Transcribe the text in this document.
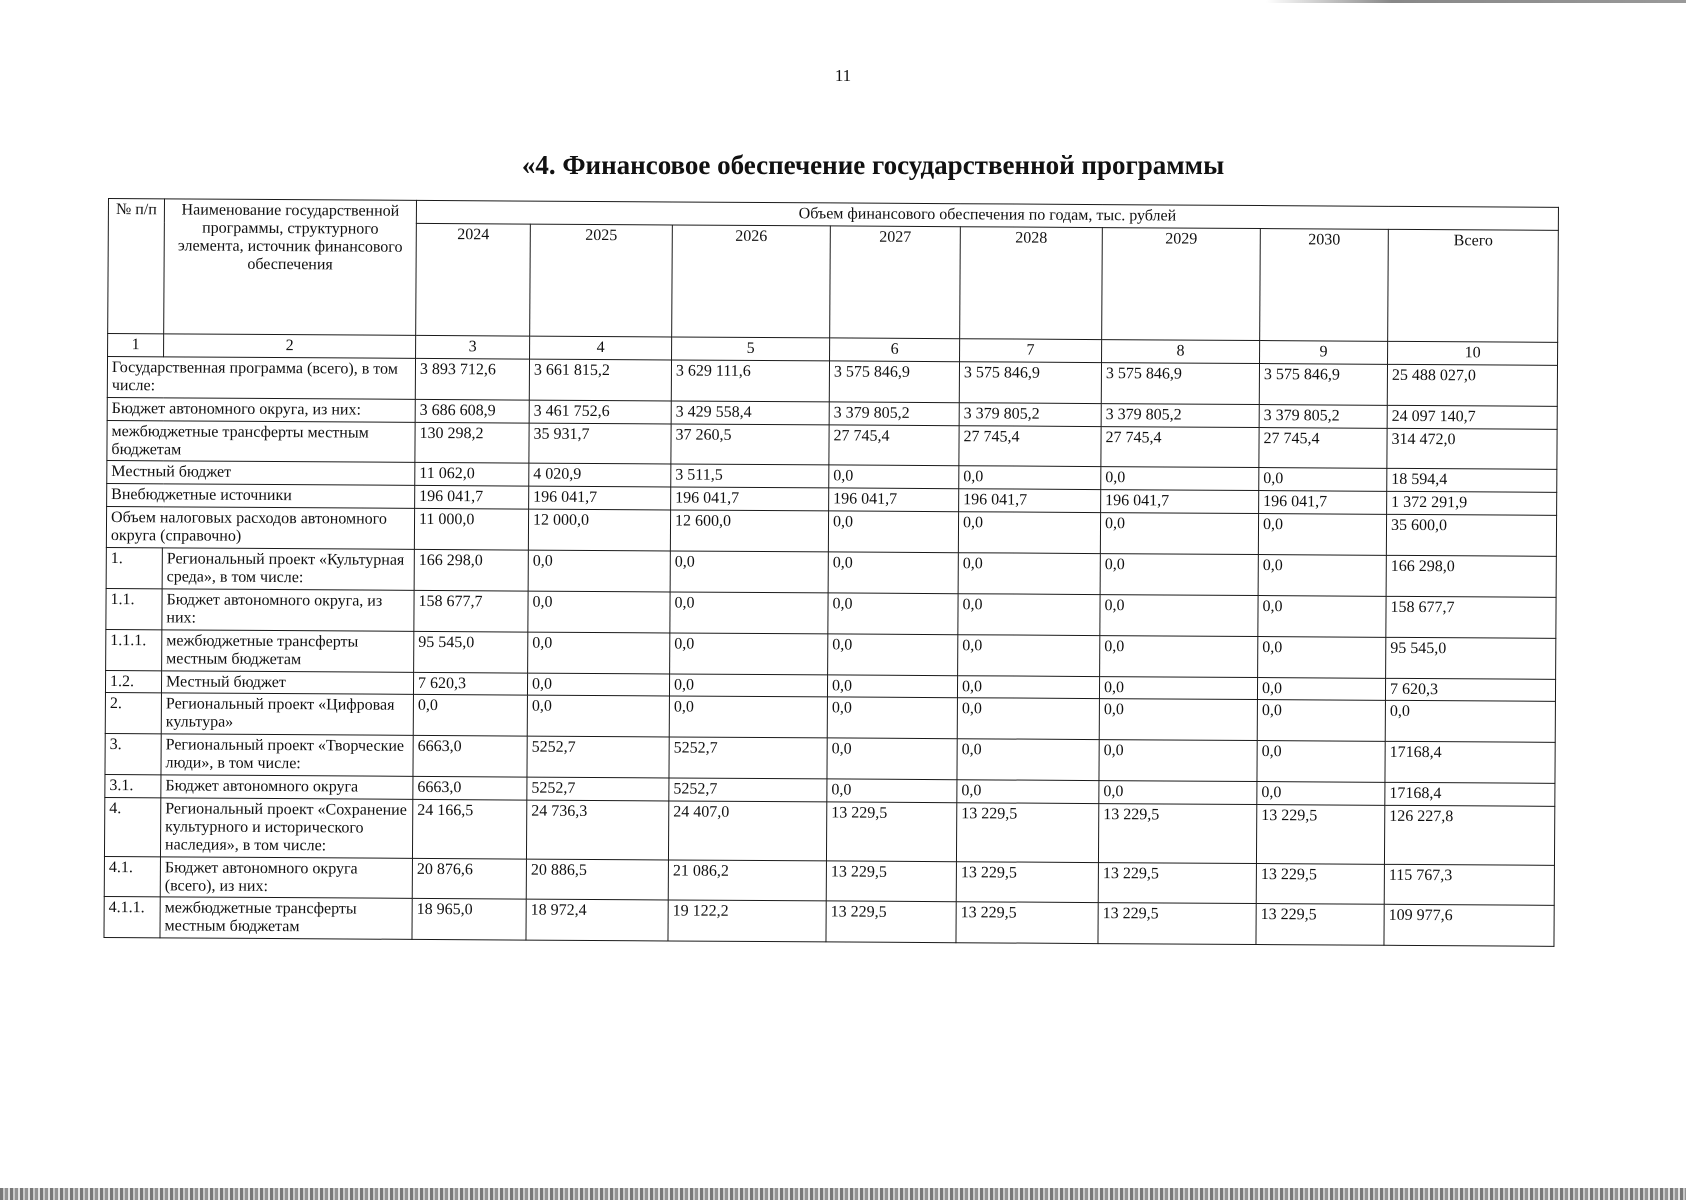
11
«4. Финансовое обеспечение государственной программы
№ п/п	Наименование государственной программы, структурного элемента, источник финансового обеспечения	Объем финансового обеспечения по годам, тыс. рублей							
		2024	2025	2026	2027	2028	2029	2030	Всего
1	2	3	4	5	6	7	8	9	10
Государственная программа (всего), в том числе:		3 893 712,6	3 661 815,2	3 629 111,6	3 575 846,9	3 575 846,9	3 575 846,9	3 575 846,9	25 488 027,0
Бюджет автономного округа, из них:		3 686 608,9	3 461 752,6	3 429 558,4	3 379 805,2	3 379 805,2	3 379 805,2	3 379 805,2	24 097 140,7
межбюджетные трансферты местным бюджетам		130 298,2	35 931,7	37 260,5	27 745,4	27 745,4	27 745,4	27 745,4	314 472,0
Местный бюджет		11 062,0	4 020,9	3 511,5	0,0	0,0	0,0	0,0	18 594,4
Внебюджетные источники		196 041,7	196 041,7	196 041,7	196 041,7	196 041,7	196 041,7	196 041,7	1 372 291,9
Объем налоговых расходов автономного округа (справочно)		11 000,0	12 000,0	12 600,0	0,0	0,0	0,0	0,0	35 600,0
1.	Региональный проект «Культурная среда», в том числе:	166 298,0	0,0	0,0	0,0	0,0	0,0	0,0	166 298,0
1.1.	Бюджет автономного округа, из них:	158 677,7	0,0	0,0	0,0	0,0	0,0	0,0	158 677,7
1.1.1.	межбюджетные трансферты местным бюджетам	95 545,0	0,0	0,0	0,0	0,0	0,0	0,0	95 545,0
1.2.	Местный бюджет	7 620,3	0,0	0,0	0,0	0,0	0,0	0,0	7 620,3
2.	Региональный проект «Цифровая культура»	0,0	0,0	0,0	0,0	0,0	0,0	0,0	0,0
3.	Региональный проект «Творческие люди», в том числе:	6663,0	5252,7	5252,7	0,0	0,0	0,0	0,0	17168,4
3.1.	Бюджет автономного округа	6663,0	5252,7	5252,7	0,0	0,0	0,0	0,0	17168,4
4.	Региональный проект «Сохранение культурного и исторического наследия», в том числе:	24 166,5	24 736,3	24 407,0	13 229,5	13 229,5	13 229,5	13 229,5	126 227,8
4.1.	Бюджет автономного округа (всего), из них:	20 876,6	20 886,5	21 086,2	13 229,5	13 229,5	13 229,5	13 229,5	115 767,3
4.1.1.	межбюджетные трансферты местным бюджетам	18 965,0	18 972,4	19 122,2	13 229,5	13 229,5	13 229,5	13 229,5	109 977,6
